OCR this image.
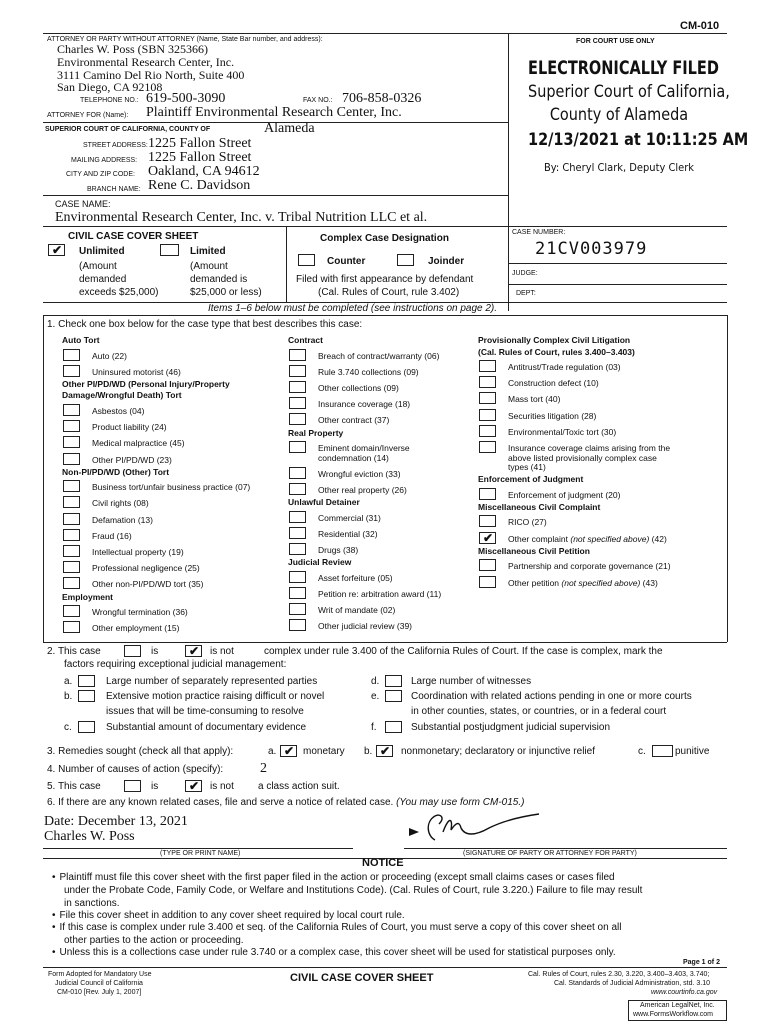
CM-010
ATTORNEY OR PARTY WITHOUT ATTORNEY (Name, State Bar number, and address):	FOR COURT USE ONLY
Charles W. Poss (SBN 325366)
Environmental Research Center, Inc.
3111 Camino Del Rio North, Suite 400
San Diego, CA 92108
TELEPHONE NO.: 619-500-3090	FAX NO.: 706-858-0326
ATTORNEY FOR (Name): Plaintiff Environmental Research Center, Inc.
SUPERIOR COURT OF CALIFORNIA, COUNTY OF	Alameda
STREET ADDRESS: 1225 Fallon Street
MAILING ADDRESS: 1225 Fallon Street
CITY AND ZIP CODE: Oakland, CA 94612
BRANCH NAME: Rene C. Davidson
CASE NAME:
Environmental Research Center, Inc. v. Tribal Nutrition LLC et al.
ELECTRONICALLY FILED
Superior Court of California,
County of Alameda
12/13/2021 at 10:11:25 AM
By: Cheryl Clark, Deputy Clerk
CIVIL CASE COVER SHEET
✔ Unlimited
(Amount
demanded
exceeds $25,000)
Limited
(Amount
demanded is
$25,000 or less)
Complex Case Designation
Counter	Joinder
Filed with first appearance by defendant
(Cal. Rules of Court, rule 3.402)
CASE NUMBER:
21CV003979
JUDGE:
DEPT:
Items 1–6 below must be completed (see instructions on page 2).
1. Check one box below for the case type that best describes this case:
Auto Tort
Auto (22)
Uninsured motorist (46)
Other PI/PD/WD (Personal Injury/Property
Damage/Wrongful Death) Tort
Asbestos (04)
Product liability (24)
Medical malpractice (45)
Other PI/PD/WD (23)
Non-PI/PD/WD (Other) Tort
Business tort/unfair business practice (07)
Civil rights (08)
Defamation (13)
Fraud (16)
Intellectual property (19)
Professional negligence (25)
Other non-PI/PD/WD tort (35)
Employment
Wrongful termination (36)
Other employment (15)
Contract
Breach of contract/warranty (06)
Rule 3.740 collections (09)
Other collections (09)
Insurance coverage (18)
Other contract (37)
Real Property
Eminent domain/Inverse
condemnation (14)
Wrongful eviction (33)
Other real property (26)
Unlawful Detainer
Commercial (31)
Residential (32)
Drugs (38)
Judicial Review
Asset forfeiture (05)
Petition re: arbitration award (11)
Writ of mandate (02)
Other judicial review (39)
Provisionally Complex Civil Litigation
(Cal. Rules of Court, rules 3.400–3.403)
Antitrust/Trade regulation (03)
Construction defect (10)
Mass tort (40)
Securities litigation (28)
Environmental/Toxic tort (30)
Insurance coverage claims arising from the
above listed provisionally complex case
types (41)
Enforcement of Judgment
Enforcement of judgment (20)
Miscellaneous Civil Complaint
RICO (27)
✔ Other complaint (not specified above) (42)
Miscellaneous Civil Petition
Partnership and corporate governance (21)
Other petition (not specified above) (43)
2. This case	is	✔ is not	complex under rule 3.400 of the California Rules of Court. If the case is complex, mark the
factors requiring exceptional judicial management:
a.	Large number of separately represented parties
b.	Extensive motion practice raising difficult or novel
issues that will be time-consuming to resolve
c.	Substantial amount of documentary evidence
d.	Large number of witnesses
e.	Coordination with related actions pending in one or more courts
in other counties, states, or countries, or in a federal court
f.	Substantial postjudgment judicial supervision
3. Remedies sought (check all that apply):	a. ✔ monetary b. ✔ nonmonetary; declaratory or injunctive relief	c.	punitive
4. Number of causes of action (specify):	2
5. This case	is	✔ is not a class action suit.
6. If there are any known related cases, file and serve a notice of related case. (You may use form CM-015.)
Date: December 13, 2021
Charles W. Poss
(TYPE OR PRINT NAME)	(SIGNATURE OF PARTY OR ATTORNEY FOR PARTY)
NOTICE
• Plaintiff must file this cover sheet with the first paper filed in the action or proceeding (except small claims cases or cases filed
under the Probate Code, Family Code, or Welfare and Institutions Code). (Cal. Rules of Court, rule 3.220.) Failure to file may result
in sanctions.
• File this cover sheet in addition to any cover sheet required by local court rule.
• If this case is complex under rule 3.400 et seq. of the California Rules of Court, you must serve a copy of this cover sheet on all
other parties to the action or proceeding.
• Unless this is a collections case under rule 3.740 or a complex case, this cover sheet will be used for statistical purposes only.
Page 1 of 2
Form Adopted for Mandatory Use
Judicial Council of California
CM-010 [Rev. July 1, 2007]
CIVIL CASE COVER SHEET	Cal. Rules of Court, rules 2.30, 3.220, 3.400–3.403, 3.740;
Cal. Standards of Judicial Administration, std. 3.10
www.courtinfo.ca.gov
American LegalNet, Inc.
www.FormsWorkflow.com
